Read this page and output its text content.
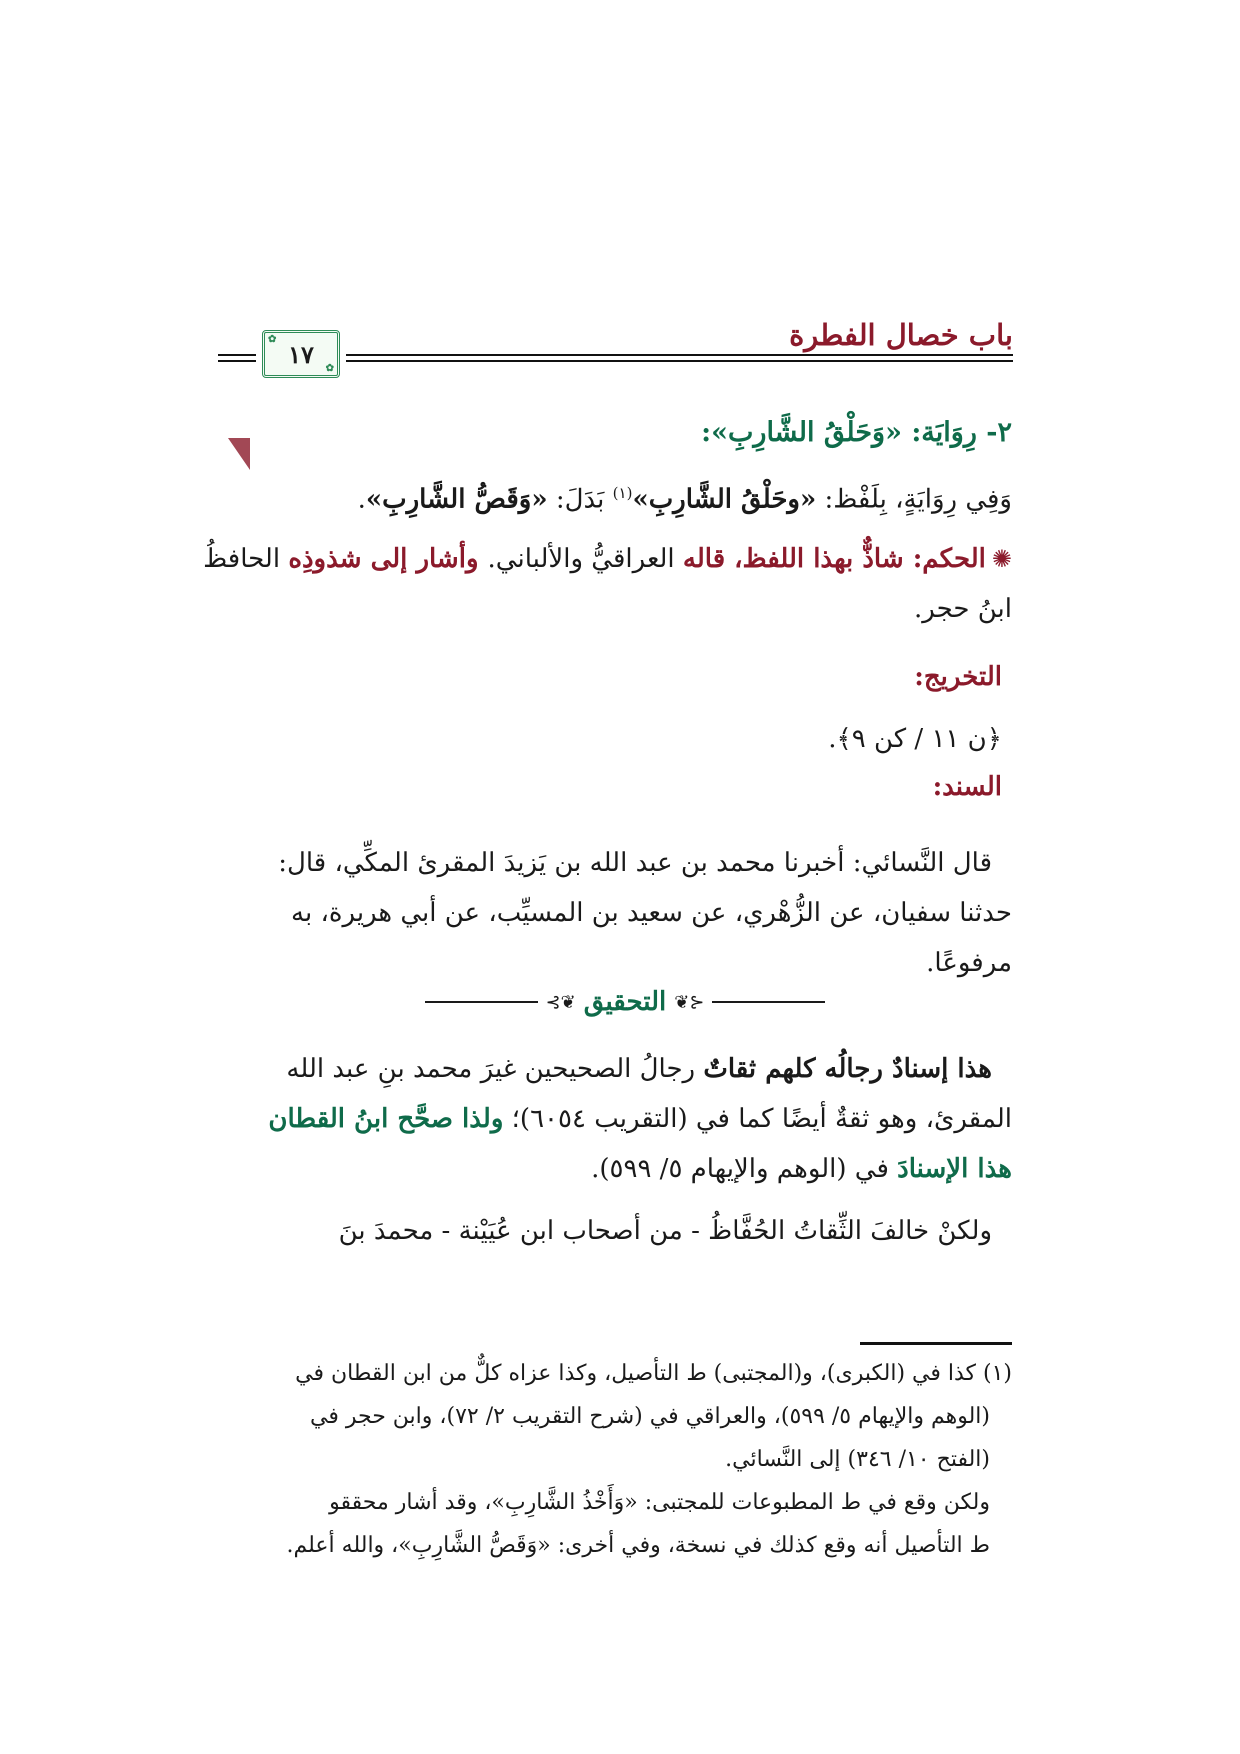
باب خصال الفطرة
✿ ١٧ ✿
٢- رِوَايَة: «وَحَلْقُ الشَّارِبِ»:
وَفِي رِوَايَةٍ، بِلَفْظ: «وحَلْقُ الشَّارِبِ»$^{(١)}$ بَدَلَ: «وَقَصُّ الشَّارِبِ».
✺الحكم: شاذٌّ بهذا اللفظ، قاله العراقيُّ والألباني. وأشار إلى شذوذِه الحافظُ
ابنُ حجر.
التخريج:
﴿ن ١١ / كن ٩﴾.
السند:
قال النَّسائي: أخبرنا محمد بن عبد الله بن يَزيدَ المقرئ المكِّي، قال:
حدثنا سفيان، عن الزُّهْري، عن سعيد بن المسيِّب، عن أبي هريرة، به
مرفوعًا.
⊰❦ التحقيق ❦⊱
هذا إسنادٌ رجالُه كلهم ثقاتٌ رجالُ الصحيحين غيرَ محمد بنِ عبد الله
المقرئ، وهو ثقةٌ أيضًا كما في (التقريب ٦٠٥٤)؛ ولذا صحَّح ابنُ القطان
هذا الإسنادَ في (الوهم والإيهام ٥/ ٥٩٩).
ولكنْ خالفَ الثِّقاتُ الحُفَّاظُ - من أصحاب ابن عُيَيْنة - محمدَ بنَ
(١) كذا في (الكبرى)، و(المجتبى) ط التأصيل، وكذا عزاه كلٌّ من ابن القطان في
(الوهم والإيهام ٥/ ٥٩٩)، والعراقي في (شرح التقريب ٢/ ٧٢)، وابن حجر في
(الفتح ١٠/ ٣٤٦) إلى النَّسائي.
ولكن وقع في ط المطبوعات للمجتبى: «وَأَخْذُ الشَّارِبِ»، وقد أشار محققو
ط التأصيل أنه وقع كذلك في نسخة، وفي أخرى: «وَقَصُّ الشَّارِبِ»، والله أعلم.
